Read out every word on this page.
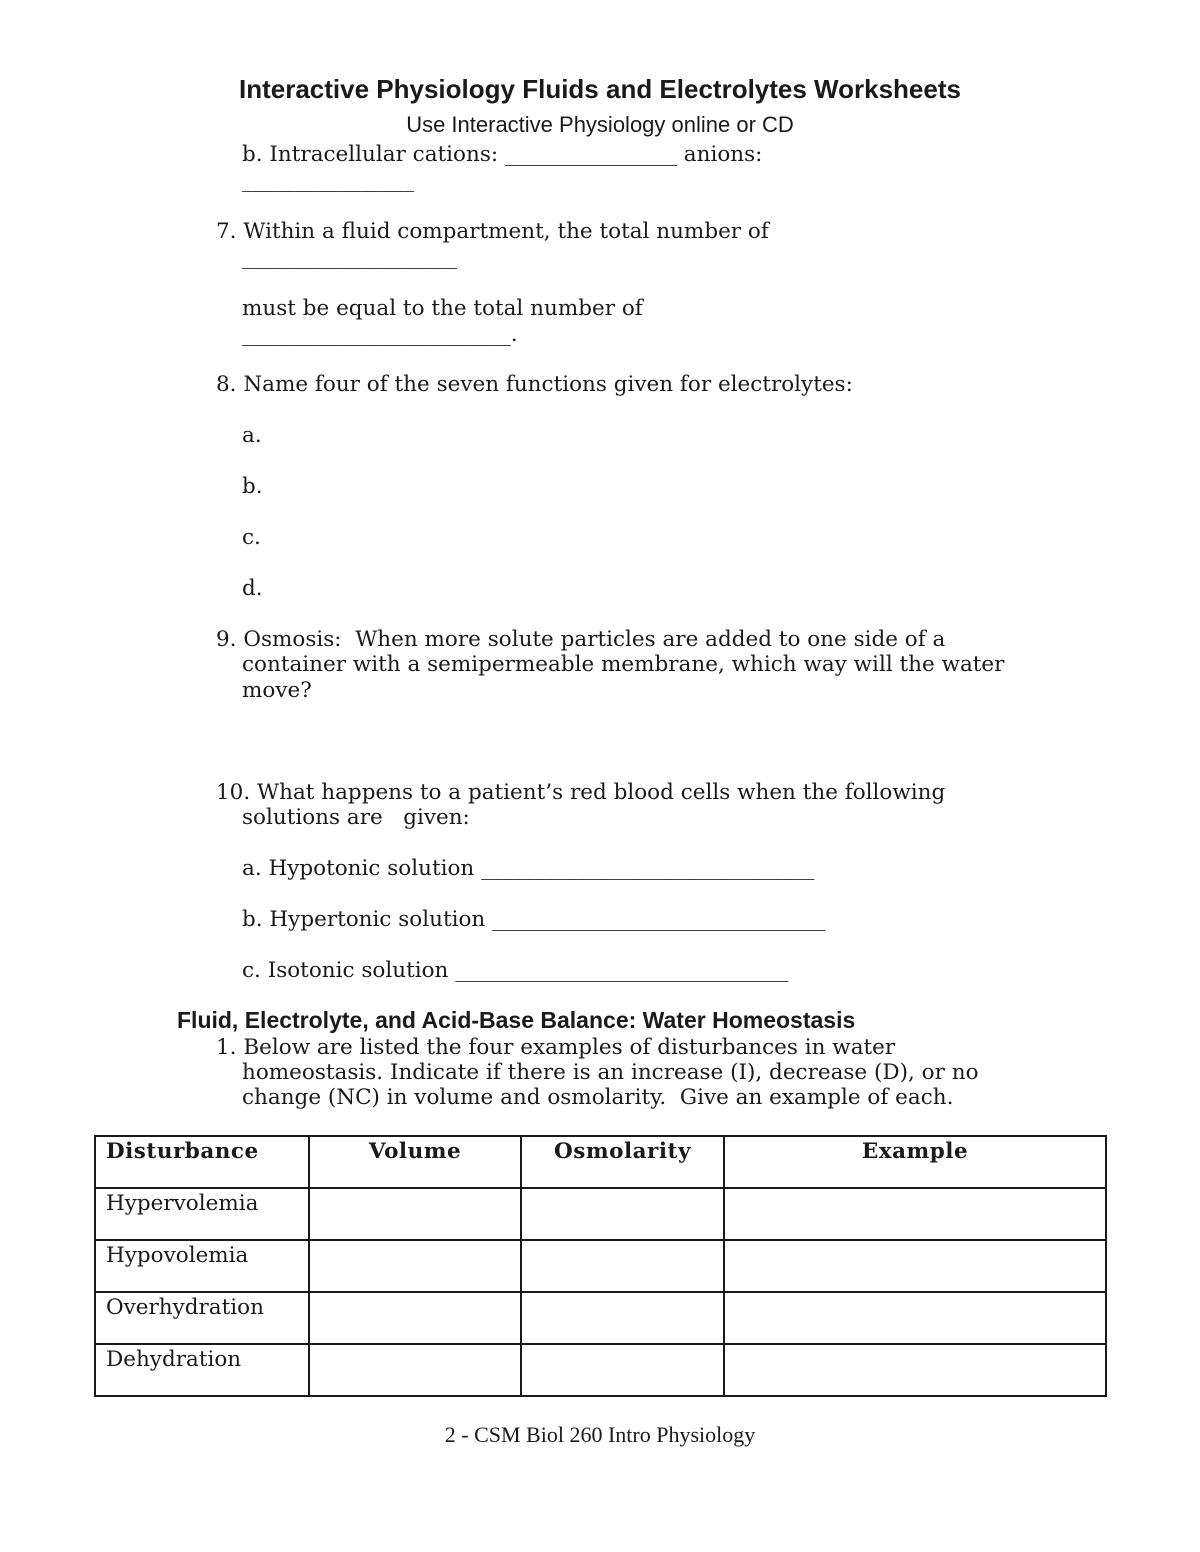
Interactive Physiology Fluids and Electrolytes Worksheets
Use Interactive Physiology online or CD
b. Intracellular cations: ________________ anions:
________________
7. Within a fluid compartment, the total number of
____________________
must be equal to the total number of
_________________________.
8. Name four of the seven functions given for electrolytes:
a.
b.
c.
d.
9. Osmosis:  When more solute particles are added to one side of a
container with a semipermeable membrane, which way will the water
move?
10. What happens to a patient’s red blood cells when the following
solutions are   given:
a. Hypotonic solution _______________________________
b. Hypertonic solution _______________________________
c. Isotonic solution _______________________________
Fluid, Electrolyte, and Acid-Base Balance: Water Homeostasis
1. Below are listed the four examples of disturbances in water
homeostasis. Indicate if there is an increase (I), decrease (D), or no
change (NC) in volume and osmolarity.  Give an example of each.
Disturbance	Volume	Osmolarity	Example
Hypervolemia			
Hypovolemia			
Overhydration			
Dehydration			
2 - CSM Biol 260 Intro Physiology
